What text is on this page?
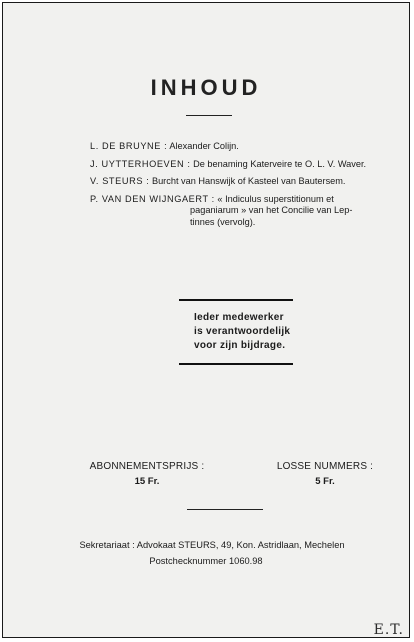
INHOUD
L. DE BRUYNE : Alexander Colijn.
J. UYTTERHOEVEN : De benaming Katerveire te O. L. V. Waver.
V. STEURS : Burcht van Hanswijk of Kasteel van Bautersem.
P. VAN DEN WIJNGAERT : « Indiculus superstitionum et
paganiarum » van het Concilie van Lep-
tinnes (vervolg).
Ieder medewerker
is verantwoordelijk
voor zijn bijdrage.
ABONNEMENTSPRIJS :
15 Fr.
LOSSE NUMMERS :
5 Fr.
Sekretariaat : Advokaat STEURS, 49, Kon. Astridlaan, Mechelen
Postchecknummer 1060.98
E.T.
